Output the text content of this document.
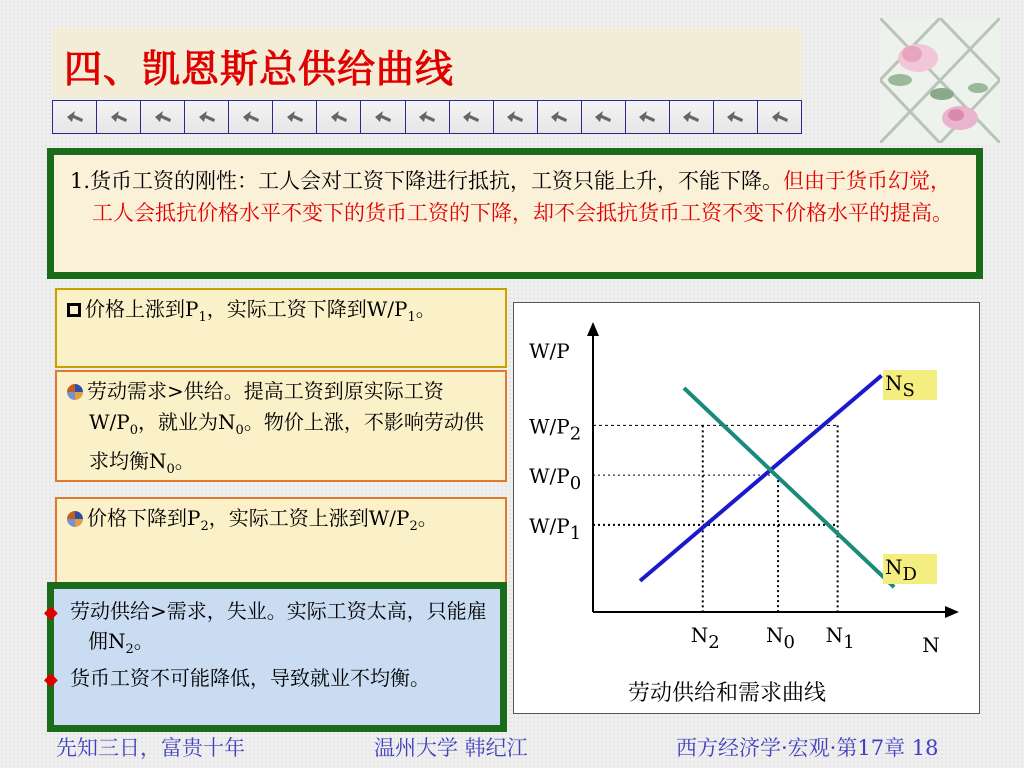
四、凯恩斯总供给曲线
1.货币工资的刚性：工人会对工资下降进行抵抗，工资只能上升，不能下降。但由于货币幻觉，工人会抵抗价格水平不变下的货币工资的下降，却不会抵抗货币工资不变下价格水平的提高。

价格上涨到$P_1$，实际工资下降到$W/P_1$。

劳动需求>供给。提高工资到原实际工资$W/P_0$，就业为$N_0$。物价上涨，不影响劳动供求均衡$N_0$。

价格下降到$P_2$，实际工资上涨到$W/P_2$。

◆ 劳动供给>需求，失业。实际工资太高，只能雇佣$N_2$。

◆ 货币工资不可能降低，导致就业不均衡。

W/P
N
W/P2
W/P0
W/P1
N2 N0 N1
NS
ND
劳动供给和需求曲线
先知三日，富贵十年	温州大学 韩纪江	西方经济学·宏观·第17章 18
